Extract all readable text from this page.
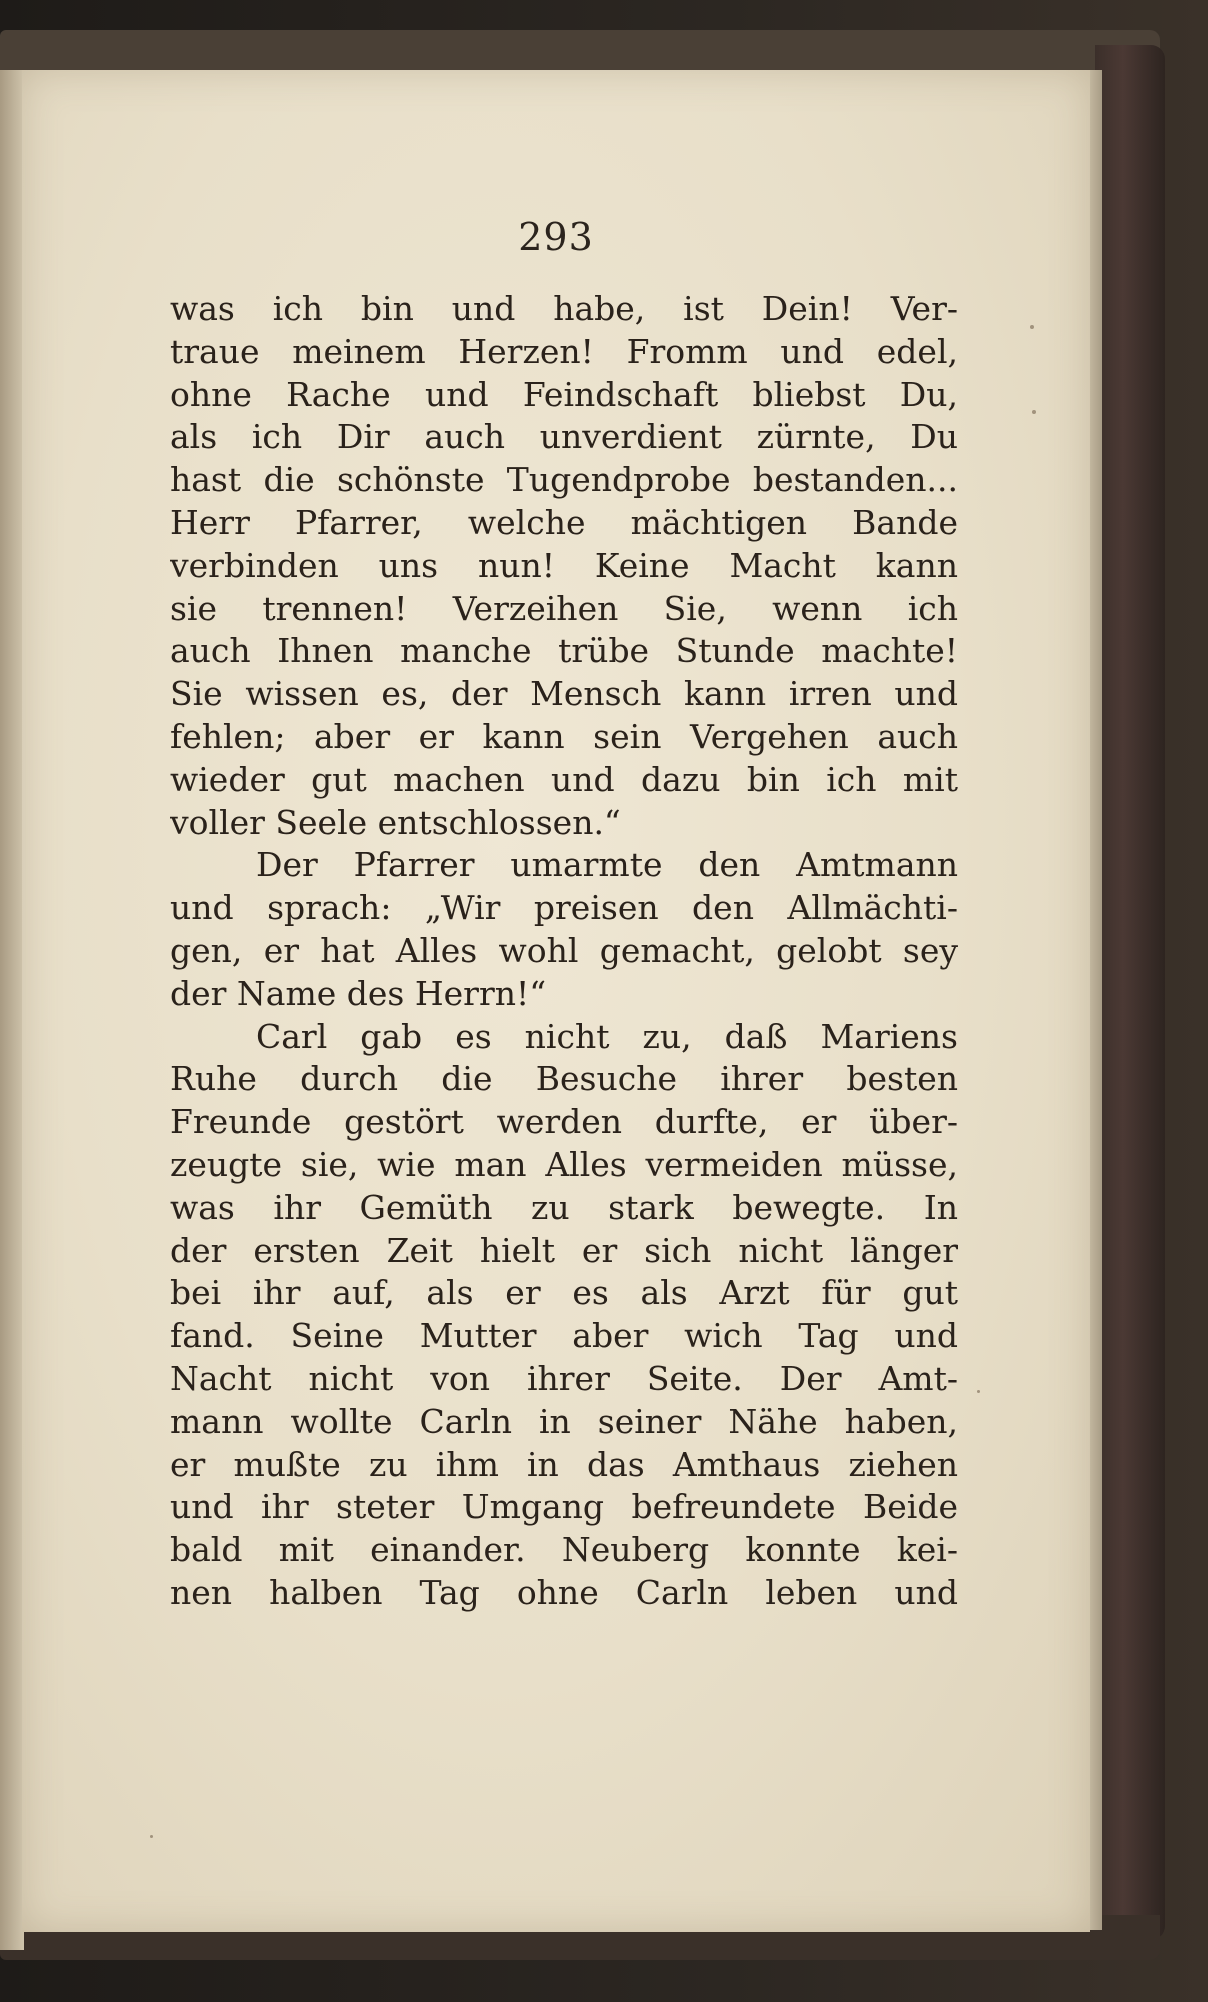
293
was ich bin und habe, ist Dein! Ver-
traue meinem Herzen! Fromm und edel,
ohne Rache und Feindschaft bliebst Du,
als ich Dir auch unverdient zürnte, Du
hast die schönste Tugendprobe bestanden...
Herr Pfarrer, welche mächtigen Bande
verbinden uns nun! Keine Macht kann
sie trennen! Verzeihen Sie, wenn ich
auch Ihnen manche trübe Stunde machte!
Sie wissen es, der Mensch kann irren und
fehlen; aber er kann sein Vergehen auch
wieder gut machen und dazu bin ich mit
voller Seele entschlossen.“
Der Pfarrer umarmte den Amtmann
und sprach: „Wir preisen den Allmächti-
gen, er hat Alles wohl gemacht, gelobt sey
der Name des Herrn!“
Carl gab es nicht zu, daß Mariens
Ruhe durch die Besuche ihrer besten
Freunde gestört werden durfte, er über-
zeugte sie, wie man Alles vermeiden müsse,
was ihr Gemüth zu stark bewegte. In
der ersten Zeit hielt er sich nicht länger
bei ihr auf, als er es als Arzt für gut
fand. Seine Mutter aber wich Tag und
Nacht nicht von ihrer Seite. Der Amt-
mann wollte Carln in seiner Nähe haben,
er mußte zu ihm in das Amthaus ziehen
und ihr steter Umgang befreundete Beide
bald mit einander. Neuberg konnte kei-
nen halben Tag ohne Carln leben und
